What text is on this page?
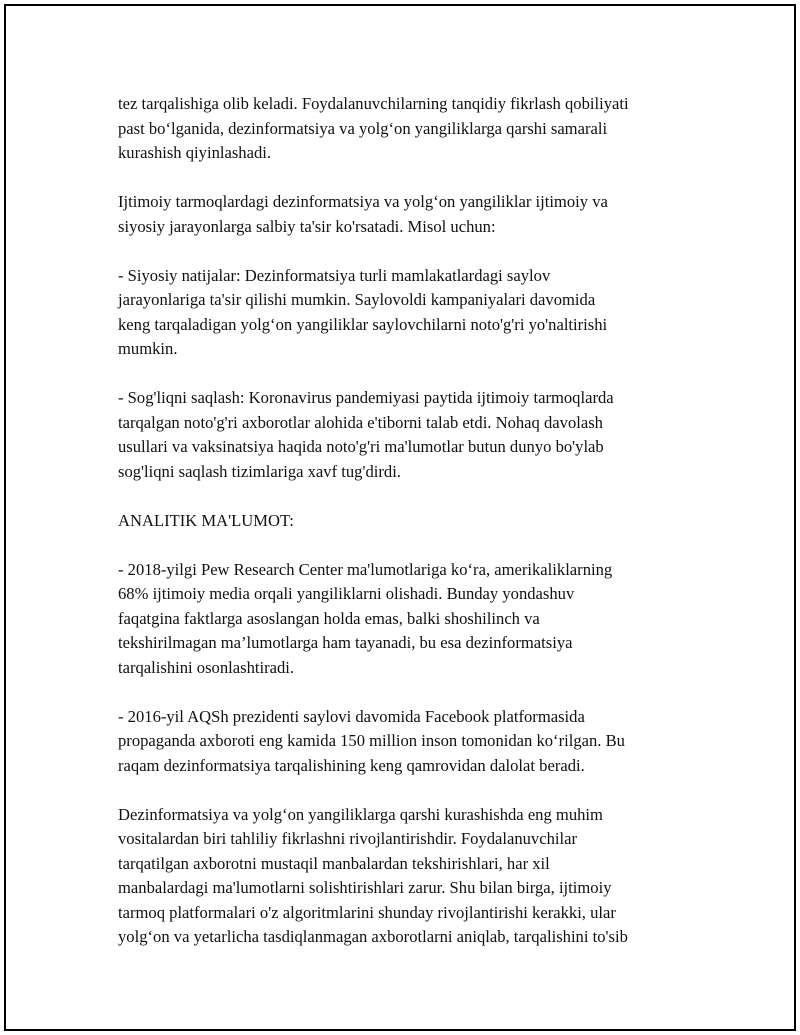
tez tarqalishiga olib keladi. Foydalanuvchilarning tanqidiy fikrlash qobiliyati
past bo‘lganida, dezinformatsiya va yolg‘on yangiliklarga qarshi samarali
kurashish qiyinlashadi.

Ijtimoiy tarmoqlardagi dezinformatsiya va yolg‘on yangiliklar ijtimoiy va
siyosiy jarayonlarga salbiy ta'sir ko'rsatadi. Misol uchun:

- Siyosiy natijalar: Dezinformatsiya turli mamlakatlardagi saylov
jarayonlariga ta'sir qilishi mumkin. Saylovoldi kampaniyalari davomida
keng tarqaladigan yolg‘on yangiliklar saylovchilarni noto'g'ri yo'naltirishi
mumkin.

- Sog'liqni saqlash: Koronavirus pandemiyasi paytida ijtimoiy tarmoqlarda
tarqalgan noto'g'ri axborotlar alohida e'tiborni talab etdi. Nohaq davolash
usullari va vaksinatsiya haqida noto'g'ri ma'lumotlar butun dunyo bo'ylab
sog'liqni saqlash tizimlariga xavf tug'dirdi.

ANALITIK MA'LUMOT:

- 2018-yilgi Pew Research Center ma'lumotlariga ko‘ra, amerikaliklarning
68% ijtimoiy media orqali yangiliklarni olishadi. Bunday yondashuv
faqatgina faktlarga asoslangan holda emas, balki shoshilinch va
tekshirilmagan ma’lumotlarga ham tayanadi, bu esa dezinformatsiya
tarqalishini osonlashtiradi.

- 2016-yil AQSh prezidenti saylovi davomida Facebook platformasida
propaganda axboroti eng kamida 150 million inson tomonidan ko‘rilgan. Bu
raqam dezinformatsiya tarqalishining keng qamrovidan dalolat beradi.

Dezinformatsiya va yolg‘on yangiliklarga qarshi kurashishda eng muhim
vositalardan biri tahliliy fikrlashni rivojlantirishdir. Foydalanuvchilar
tarqatilgan axborotni mustaqil manbalardan tekshirishlari, har xil
manbalardagi ma'lumotlarni solishtirishlari zarur. Shu bilan birga, ijtimoiy
tarmoq platformalari o'z algoritmlarini shunday rivojlantirishi kerakki, ular
yolg‘on va yetarlicha tasdiqlanmagan axborotlarni aniqlab, tarqalishini to'sib
